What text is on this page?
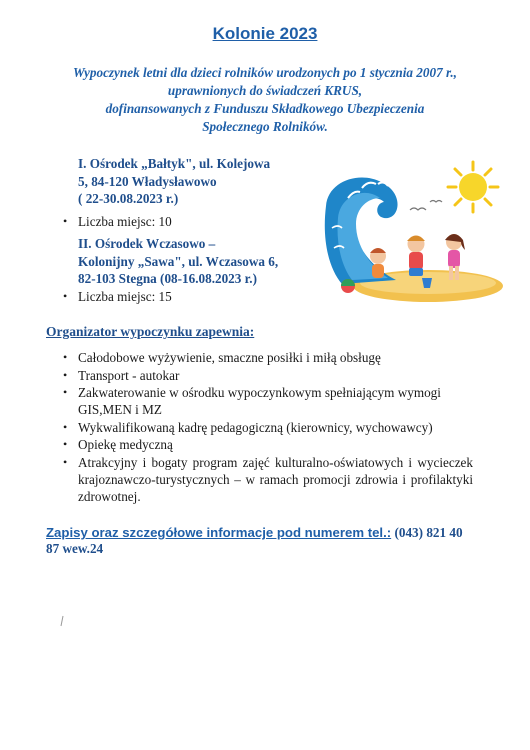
Kolonie 2023
Wypoczynek letni dla dzieci rolników urodzonych po 1 stycznia 2007 r.,
uprawnionych do świadczeń KRUS,
dofinansowanych z Funduszu Składkowego Ubezpieczenia
Społecznego Rolników.
I. Ośrodek „Bałtyk", ul. Kolejowa
5, 84-120 Władysławowo
( 22-30.08.2023 r.)
• Liczba miejsc: 10
II. Ośrodek Wczasowo –
Kolonijny „Sawa", ul. Wczasowa 6,
82-103 Stegna (08-16.08.2023 r.)
• Liczba miejsc: 15
Organizator wypoczynku zapewnia:
• Całodobowe wyżywienie, smaczne posiłki i miłą obsługę
• Transport - autokar
• Zakwaterowanie w ośrodku wypoczynkowym spełniającym wymogi GIS,MEN i MZ
• Wykwalifikowaną kadrę pedagogiczną (kierownicy, wychowawcy)
• Opiekę medyczną
• Atrakcyjny i bogaty program zajęć kulturalno-oświatowych i wycieczek krajoznawczo-turystycznych – w ramach promocji zdrowia i profilaktyki zdrowotnej.
Zapisy oraz szczegółowe informacje pod numerem tel.: (043) 821 40 87 wew.24
